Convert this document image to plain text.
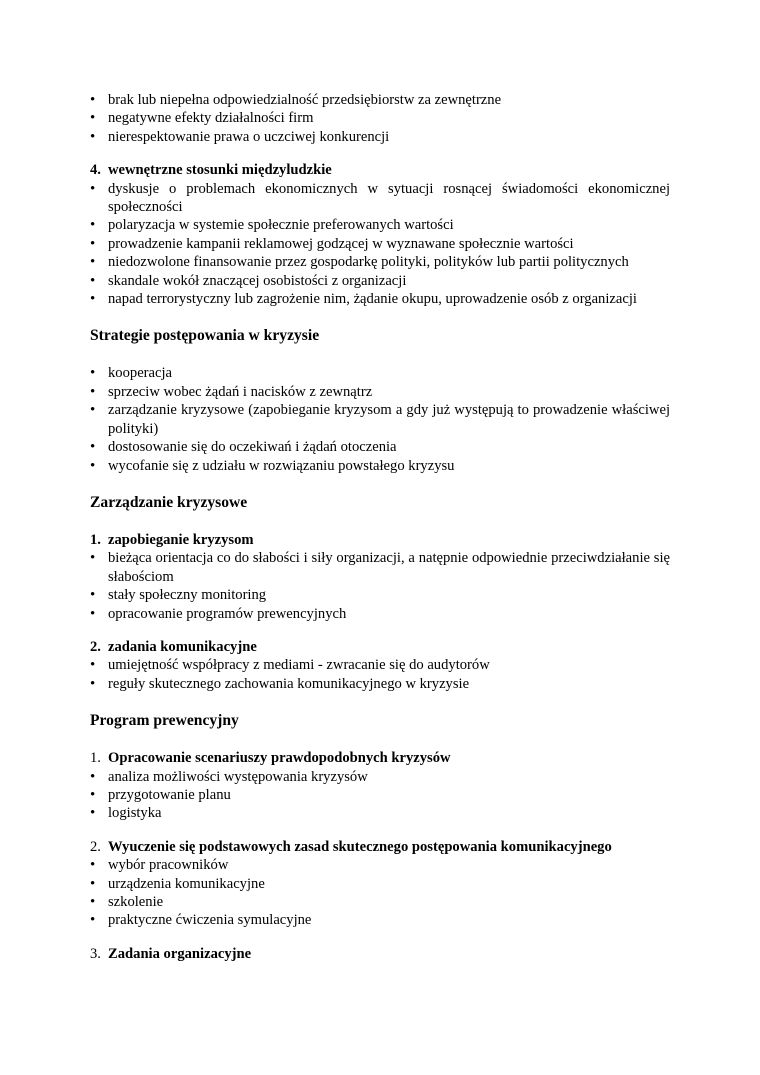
• brak lub niepełna odpowiedzialność przedsiębiorstw za zewnętrzne
• negatywne efekty działalności firm
• nierespektowanie prawa o uczciwej konkurencji

4. wewnętrzne stosunki międzyludzkie

• dyskusje o problemach ekonomicznych w sytuacji rosnącej świadomości ekonomicznej społeczności
• polaryzacja w systemie społecznie preferowanych wartości
• prowadzenie kampanii reklamowej godzącej w wyznawane społecznie wartości
• niedozwolone finansowanie przez gospodarkę polityki, polityków lub partii politycznych
• skandale wokół znaczącej osobistości z organizacji
• napad terrorystyczny lub zagrożenie nim, żądanie okupu, uprowadzenie osób z organizacji
Strategie postępowania w kryzysie
• kooperacja
• sprzeciw wobec żądań i nacisków z zewnątrz
• zarządzanie kryzysowe (zapobieganie kryzysom a gdy już występują to prowadzenie właściwej polityki)
• dostosowanie się do oczekiwań i żądań otoczenia
• wycofanie się z udziału w rozwiązaniu powstałego kryzysu
Zarządzanie kryzysowe

1. zapobieganie kryzysom

• bieżąca orientacja co do słabości i siły organizacji, a natępnie odpowiednie przeciwdziałanie się słabościom
• stały społeczny monitoring
• opracowanie programów prewencyjnych

2. zadania komunikacyjne

• umiejętność współpracy z mediami - zwracanie się do audytorów
• reguły skutecznego zachowania komunikacyjnego w kryzysie
Program prewencyjny

1. Opracowanie scenariuszy prawdopodobnych kryzysów

• analiza możliwości występowania kryzysów
• przygotowanie planu
• logistyka

2. Wyuczenie się podstawowych zasad skutecznego postępowania komunikacyjnego

• wybór pracowników
• urządzenia komunikacyjne
• szkolenie
• praktyczne ćwiczenia symulacyjne

3. Zadania organizacyjne
